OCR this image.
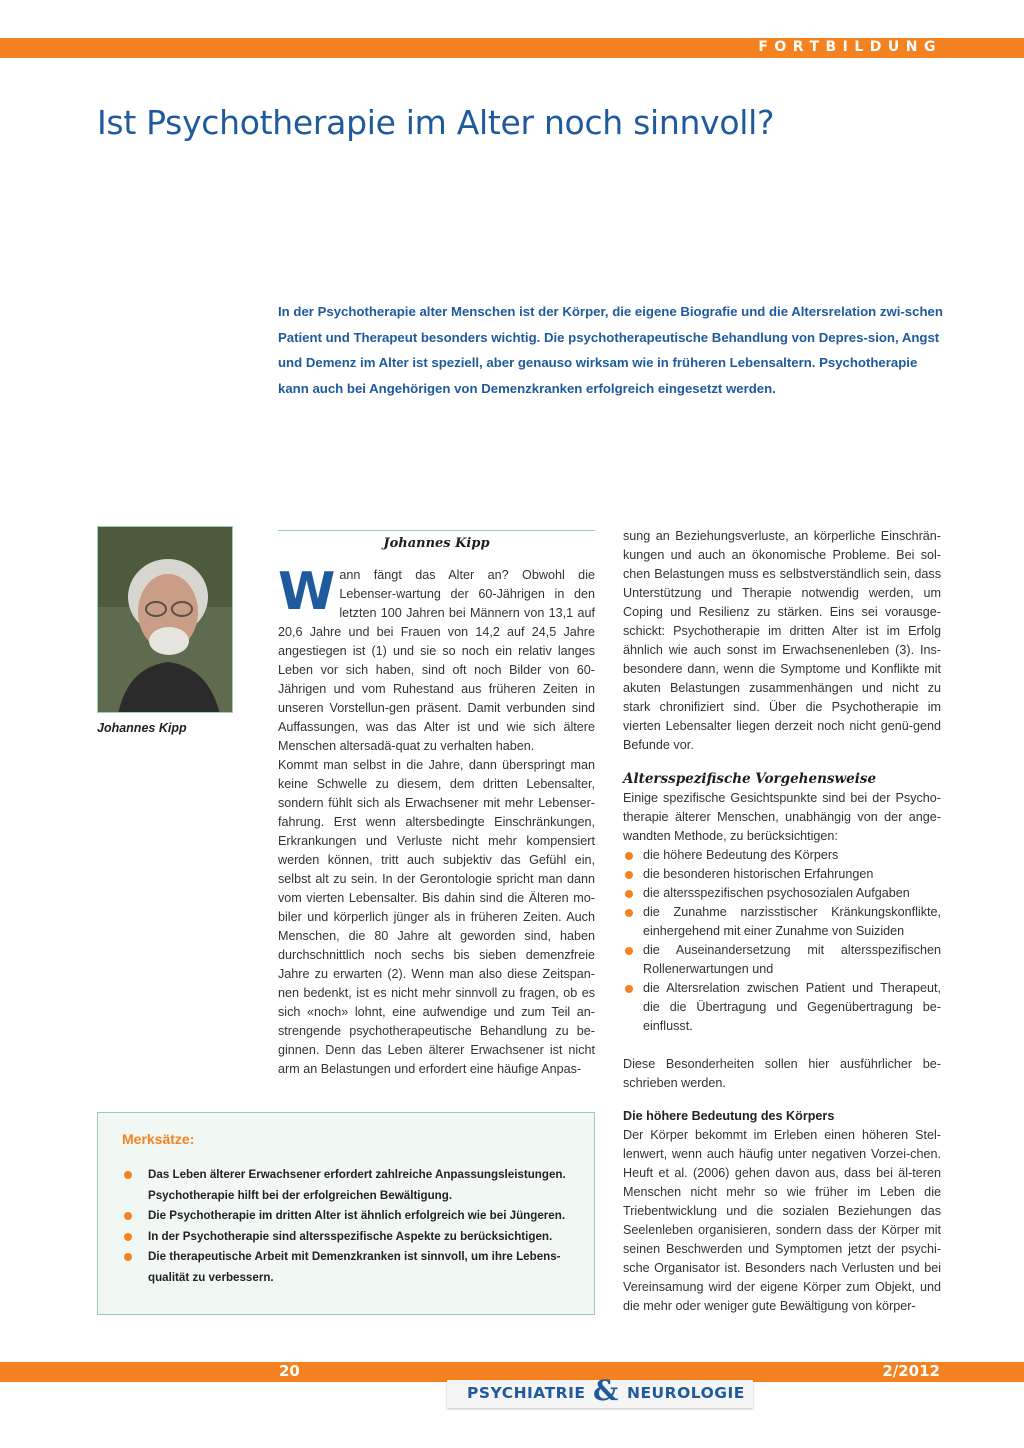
FORTBILDUNG
Ist Psychotherapie im Alter noch sinnvoll?

In der Psychotherapie alter Menschen ist der Körper, die eigene Biografie und die Altersrelation zwi-schen Patient und Therapeut besonders wichtig. Die psychotherapeutische Behandlung von Depres-sion, Angst und Demenz im Alter ist speziell, aber genauso wirksam wie in früheren Lebensaltern. Psychotherapie kann auch bei Angehörigen von Demenzkranken erfolgreich eingesetzt werden.

Johannes Kipp
Johannes Kipp
W ann fängt das Alter an? Obwohl die Lebenser-wartung der 60-Jährigen in den letzten 100 Jahren bei Männern von 13,1 auf 20,6 Jahre und bei Frauen von 14,2 auf 24,5 Jahre angestiegen ist (1) und sie so noch ein relativ langes Leben vor sich haben, sind oft noch Bilder von 60-Jährigen und vom Ruhestand aus früheren Zeiten in unseren Vorstellun-gen präsent. Damit verbunden sind Auffassungen, was das Alter ist und wie sich ältere Menschen altersadä-quat zu verhalten haben.

Kommt man selbst in die Jahre, dann überspringt man keine Schwelle zu diesem, dem dritten Lebensalter, sondern fühlt sich als Erwachsener mit mehr Lebenser-fahrung. Erst wenn altersbedingte Einschränkungen, Erkrankungen und Verluste nicht mehr kompensiert werden können, tritt auch subjektiv das Gefühl ein, selbst alt zu sein. In der Gerontologie spricht man dann vom vierten Lebensalter. Bis dahin sind die Älteren mo-biler und körperlich jünger als in früheren Zeiten. Auch Menschen, die 80 Jahre alt geworden sind, haben durchschnittlich noch sechs bis sieben demenzfreie Jahre zu erwarten (2). Wenn man also diese Zeitspan-nen bedenkt, ist es nicht mehr sinnvoll zu fragen, ob es sich «noch» lohnt, eine aufwendige und zum Teil an-strengende psychotherapeutische Behandlung zu be-ginnen. Denn das Leben älterer Erwachsener ist nicht arm an Belastungen und erfordert eine häufige Anpas-

sung an Beziehungsverluste, an körperliche Einschrän-kungen und auch an ökonomische Probleme. Bei sol-chen Belastungen muss es selbstverständlich sein, dass Unterstützung und Therapie notwendig werden, um Coping und Resilienz zu stärken. Eins sei vorausge-schickt: Psychotherapie im dritten Alter ist im Erfolg ähnlich wie auch sonst im Erwachsenenleben (3). Ins-besondere dann, wenn die Symptome und Konflikte mit akuten Belastungen zusammenhängen und nicht zu stark chronifiziert sind. Über die Psychotherapie im vierten Lebensalter liegen derzeit noch nicht genü-gend Befunde vor.

Altersspezifische Vorgehensweise

Einige spezifische Gesichtspunkte sind bei der Psycho-therapie älterer Menschen, unabhängig von der ange-wandten Methode, zu berücksichtigen:

die höhere Bedeutung des Körpers
die besonderen historischen Erfahrungen
die altersspezifischen psychosozialen Aufgaben
die Zunahme narzisstischer Kränkungskonflikte, einhergehend mit einer Zunahme von Suiziden
die Auseinandersetzung mit altersspezifischen Rollenerwartungen und
die Altersrelation zwischen Patient und Therapeut, die die Übertragung und Gegenübertragung be-einflusst.

Diese Besonderheiten sollen hier ausführlicher be-schrieben werden.

Die höhere Bedeutung des Körpers

Der Körper bekommt im Erleben einen höheren Stel-lenwert, wenn auch häufig unter negativen Vorzei-chen. Heuft et al. (2006) gehen davon aus, dass bei äl-teren Menschen nicht mehr so wie früher im Leben die Triebentwicklung und die sozialen Beziehungen das Seelenleben organisieren, sondern dass der Körper mit seinen Beschwerden und Symptomen jetzt der psychi-sche Organisator ist. Besonders nach Verlusten und bei Vereinsamung wird der eigene Körper zum Objekt, und die mehr oder weniger gute Bewältigung von körper-

Merksätze:
Das Leben älterer Erwachsener erfordert zahlreiche Anpassungsleistungen. Psychotherapie hilft bei der erfolgreichen Bewältigung.
Die Psychotherapie im dritten Alter ist ähnlich erfolgreich wie bei Jüngeren.
In der Psychotherapie sind altersspezifische Aspekte zu berücksichtigen.
Die therapeutische Arbeit mit Demenzkranken ist sinnvoll, um ihre Lebens-qualität zu verbessern.
20	2/2012
PSYCHIATRIE & NEUROLOGIE
